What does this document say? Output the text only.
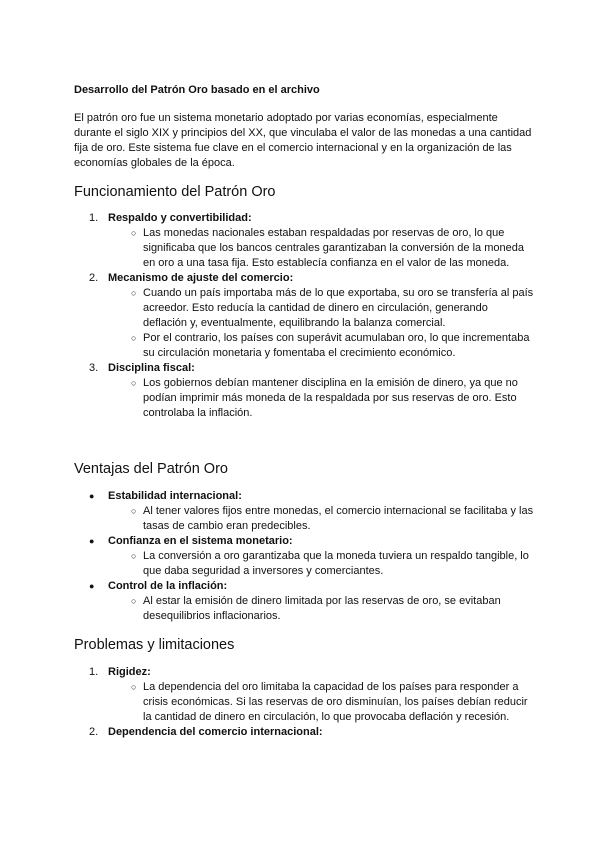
Desarrollo del Patrón Oro basado en el archivo

El patrón oro fue un sistema monetario adoptado por varias economías, especialmente durante el siglo XIX y principios del XX, que vinculaba el valor de las monedas a una cantidad fija de oro. Este sistema fue clave en el comercio internacional y en la organización de las economías globales de la época.

Funcionamiento del Patrón Oro
1. Respaldo y convertibilidad:
○ Las monedas nacionales estaban respaldadas por reservas de oro, lo que significaba que los bancos centrales garantizaban la conversión de la moneda en oro a una tasa fija. Esto establecía confianza en el valor de las moneda.
2. Mecanismo de ajuste del comercio:
○ Cuando un país importaba más de lo que exportaba, su oro se transfería al país acreedor. Esto reducía la cantidad de dinero en circulación, generando deflación y, eventualmente, equilibrando la balanza comercial.
○ Por el contrario, los países con superávit acumulaban oro, lo que incrementaba su circulación monetaria y fomentaba el crecimiento económico.
3. Disciplina fiscal:
○ Los gobiernos debían mantener disciplina en la emisión de dinero, ya que no podían imprimir más moneda de la respaldada por sus reservas de oro. Esto controlaba la inflación.
Ventajas del Patrón Oro
● Estabilidad internacional:
○ Al tener valores fijos entre monedas, el comercio internacional se facilitaba y las tasas de cambio eran predecibles.
● Confianza en el sistema monetario:
○ La conversión a oro garantizaba que la moneda tuviera un respaldo tangible, lo que daba seguridad a inversores y comerciantes.
● Control de la inflación:
○ Al estar la emisión de dinero limitada por las reservas de oro, se evitaban desequilibrios inflacionarios.
Problemas y limitaciones
1. Rigidez:
○ La dependencia del oro limitaba la capacidad de los países para responder a crisis económicas. Si las reservas de oro disminuían, los países debían reducir la cantidad de dinero en circulación, lo que provocaba deflación y recesión.
2. Dependencia del comercio internacional:
